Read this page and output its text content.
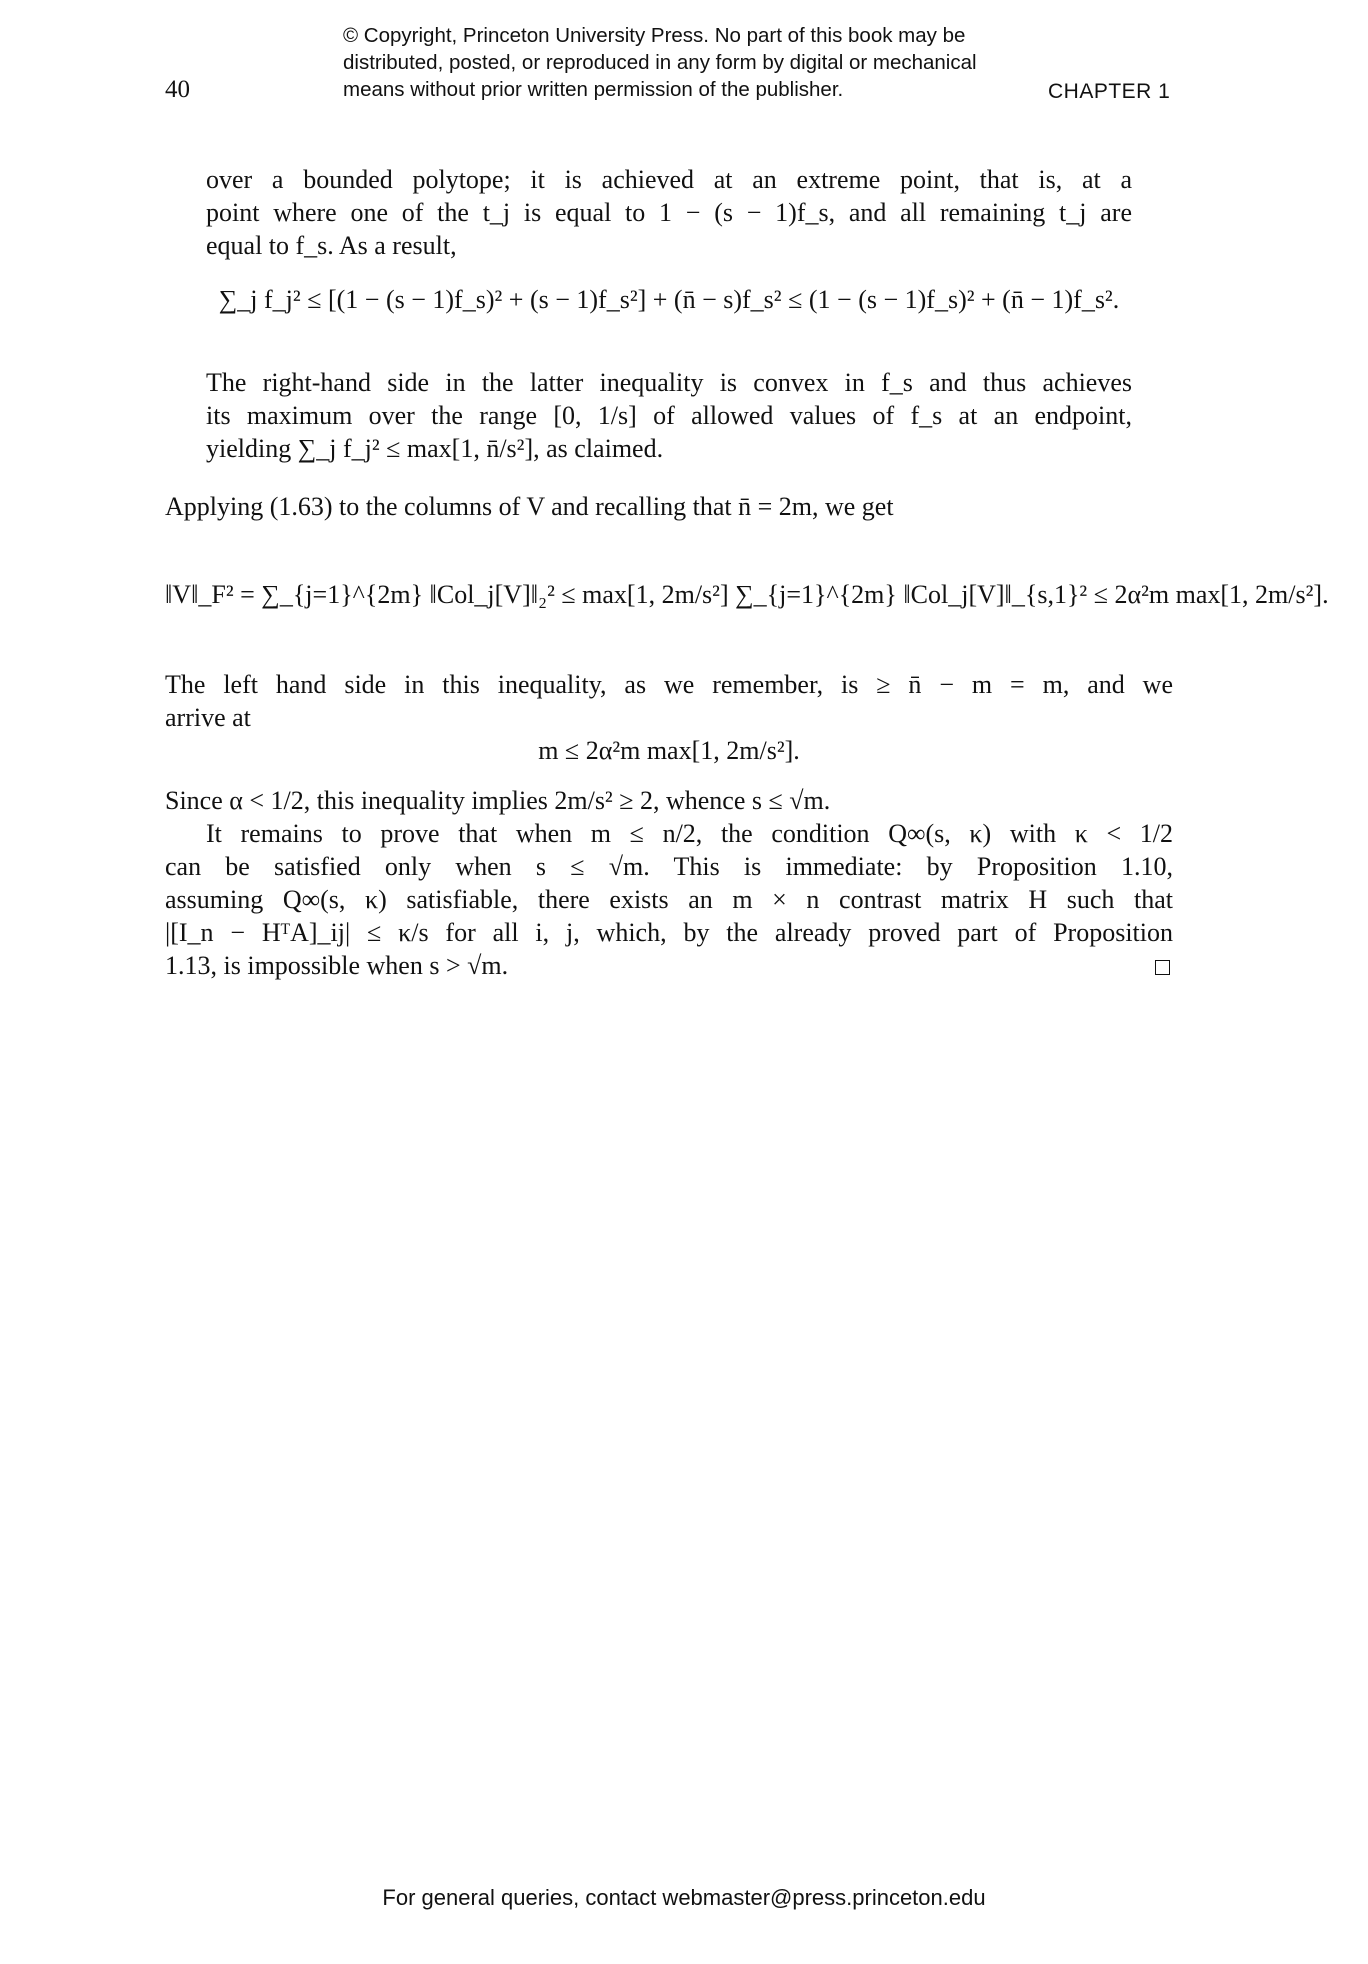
40
© Copyright, Princeton University Press. No part of this book may be
distributed, posted, or reproduced in any form by digital or mechanical
means without prior written permission of the publisher.	CHAPTER 1
over a bounded polytope; it is achieved at an extreme point, that is, at a
point where one of the t_j is equal to 1 − (s − 1)f_s, and all remaining t_j are
equal to f_s. As a result,
∑_j f_j² ≤ [(1 − (s − 1)f_s)² + (s − 1)f_s²] + (n̄ − s)f_s² ≤ (1 − (s − 1)f_s)² + (n̄ − 1)f_s².
The right-hand side in the latter inequality is convex in f_s and thus achieves
its maximum over the range [0, 1/s] of allowed values of f_s at an endpoint,
yielding ∑_j f_j² ≤ max[1, n̄/s²], as claimed.
Applying (1.63) to the columns of V and recalling that n̄ = 2m, we get
‖V‖_F² = ∑_{j=1}^{2m} ‖Col_j[V]‖₂² ≤ max[1, 2m/s²] ∑_{j=1}^{2m} ‖Col_j[V]‖_{s,1}² ≤ 2α²m max[1, 2m/s²].
The left hand side in this inequality, as we remember, is ≥ n̄ − m = m, and we
arrive at
m ≤ 2α²m max[1, 2m/s²].
Since α < 1/2, this inequality implies 2m/s² ≥ 2, whence s ≤ √m.
It remains to prove that when m ≤ n/2, the condition Q∞(s, κ) with κ < 1/2
can be satisfied only when s ≤ √m. This is immediate: by Proposition 1.10,
assuming Q∞(s, κ) satisfiable, there exists an m × n contrast matrix H such that
|[I_n − HᵀA]_ij| ≤ κ/s for all i, j, which, by the already proved part of Proposition
1.13, is impossible when s > √m.
For general queries, contact webmaster@press.princeton.edu
